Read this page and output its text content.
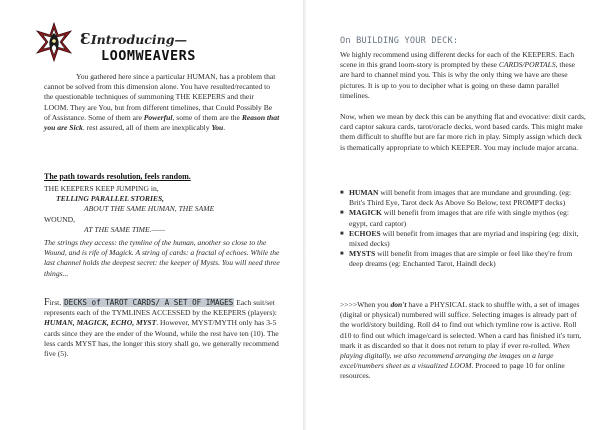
ƐIntroducing—
LOOMWEAVERS
You gathered here since a particular HUMAN, has a problem that cannot be solved from this dimension alone. You have resulted/recanted to the questionable techniques of summoning THE KEEPERS and their LOOM. They are You, but from different timelines, that Could Possibly Be of Assistance. Some of them are Powerful, some of them are the Reason that you are Sick. rest assured, all of them are inexplicably You.
The path towards resolution, feels random.
THE KEEPERS KEEP JUMPING in,
TELLING PARALLEL STORIES,
ABOUT THE SAME HUMAN, THE SAME
WOUND,
AT THE SAME TIME.——
The strings they access: the tymline of the human, another so close to the Wound, and is rife of Magick. A string of cards: a fractal of echoes. While the last channel holds the deepest secret: the keeper of Mysts. You will need three things...
First, DECKS of TAROT CARDS/ A SET OF IMAGES Each suit/set represents each of the TYMLINES ACCESSED by the KEEPERS (players): HUMAN, MAGICK, ECHO, MYST. However, MYST/MYTH only has 3-5 cards since they are the ender of the Wound, while the rest have ten (10). The less cards MYST has, the longer this story shall go, we generally recommend five (5).
On BUILDING YOUR DECK:
We highly recommend using different decks for each of the KEEPERS. Each scene in this grand loom-story is prompted by these CARDS/PORTALS, these are hard to channel mind you. This is why the only thing we have are these pictures. It is up to you to decipher what is going on these damn parallel timelines.
Now, when we mean by deck this can be anything flat and evocative: dixit cards, card captor sakura cards, tarot/oracle decks, word based cards. This might make them difficult to shuffle but are far more rich in play. Simply assign which deck is thematically appropriate to which KEEPER. You may include major arcana.
■ HUMAN will benefit from images that are mundane and grounding. (eg: Brit's Third Eye, Tarot deck As Above So Below, text PROMPT decks)
■ MAGICK will benefit from images that are rife with single mythos (eg: egypt, card captor)
■ ECHOES will benefit from images that are myriad and inspiring (eg: dixit, mixed decks)
■ MYSTS will benefit from images that are simple or feel like they're from deep dreams (eg: Enchanted Tarot, Haindl deck)
>>>>When you don't have a PHYSICAL stack to shuffle with, a set of images (digital or physical) numbered will suffice. Selecting images is already part of the world/story building. Roll d4 to find out which tymline row is active. Roll d10 to find out which image/card is selected. When a card has finished it's turn, mark it as discarded so that it does not return to play if ever re-rolled. When playing digitally, we also recommend arranging the images on a large excel/numbers sheet as a visualized LOOM. Proceed to page 10 for online resources.
